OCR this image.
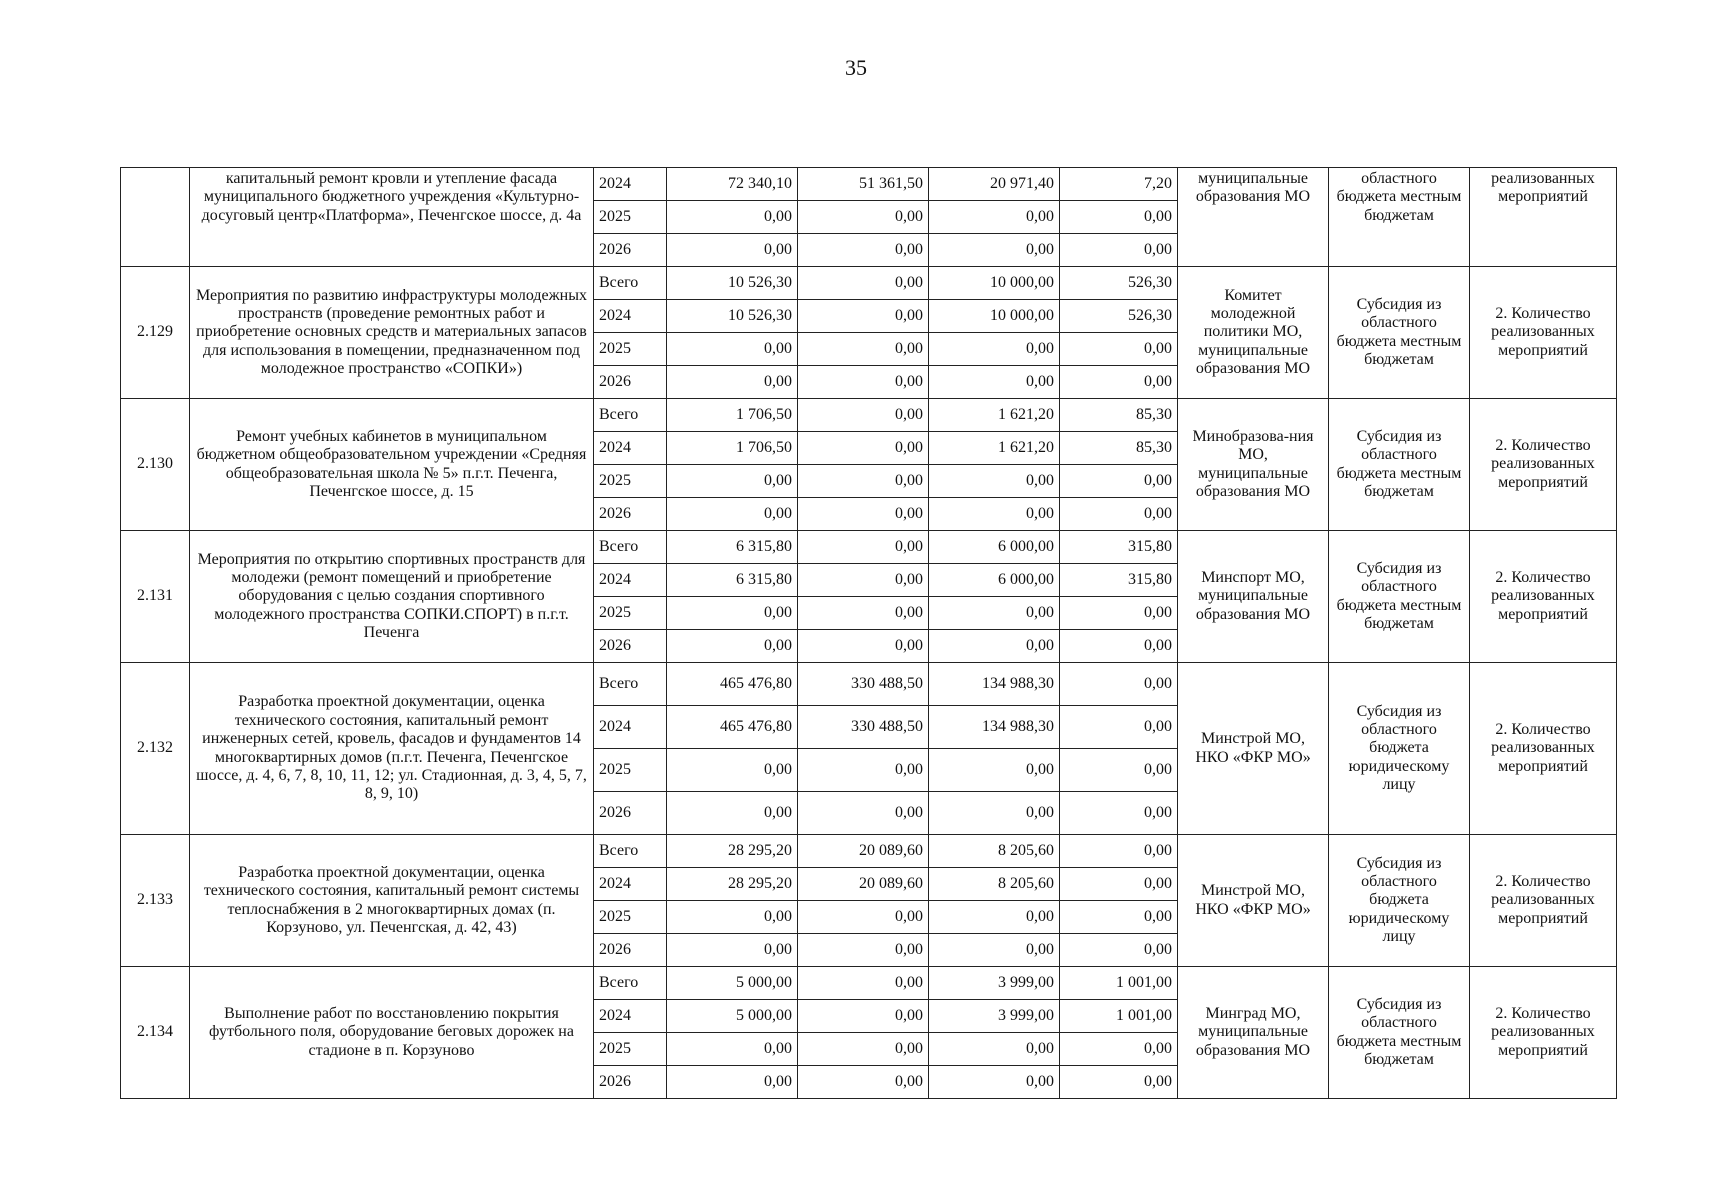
35
	капитальный ремонт кровли и утепление фасада муниципального бюджетного учреждения «Культурно-досуговый центр«Платформа», Печенгское шоссе, д. 4а	2024	72 340,10	51 361,50	20 971,40	7,20	муниципальные образования МО	областного бюджета местным бюджетам	реализованных мероприятий
		2025	0,00	0,00	0,00	0,00			
		2026	0,00	0,00	0,00	0,00			
2.129	Мероприятия по развитию инфраструктуры молодежных пространств (проведение ремонтных работ и приобретение основных средств и материальных запасов для использования в помещении, предназначенном под молодежное пространство «СОПКИ»)	Всего	10 526,30	0,00	10 000,00	526,30	Комитет молодежной политики МО, муниципальные образования МО	Субсидия из областного бюджета местным бюджетам	2. Количество реализованных мероприятий
		2024	10 526,30	0,00	10 000,00	526,30			
		2025	0,00	0,00	0,00	0,00			
		2026	0,00	0,00	0,00	0,00			
2.130	Ремонт учебных кабинетов в муниципальном бюджетном общеобразовательном учреждении «Средняя общеобразовательная школа № 5» п.г.т. Печенга, Печенгское шоссе, д. 15	Всего	1 706,50	0,00	1 621,20	85,30	Минобразова-ния МО, муниципальные образования МО	Субсидия из областного бюджета местным бюджетам	2. Количество реализованных мероприятий
		2024	1 706,50	0,00	1 621,20	85,30			
		2025	0,00	0,00	0,00	0,00			
		2026	0,00	0,00	0,00	0,00			
2.131	Мероприятия по открытию спортивных пространств для молодежи (ремонт помещений и приобретение оборудования с целью создания спортивного молодежного пространства СОПКИ.СПОРТ) в п.г.т. Печенга	Всего	6 315,80	0,00	6 000,00	315,80	Минспорт МО, муниципальные образования МО	Субсидия из областного бюджета местным бюджетам	2. Количество реализованных мероприятий
		2024	6 315,80	0,00	6 000,00	315,80			
		2025	0,00	0,00	0,00	0,00			
		2026	0,00	0,00	0,00	0,00			
2.132	Разработка проектной документации, оценка технического состояния, капитальный ремонт инженерных сетей, кровель, фасадов и фундаментов 14 многоквартирных домов (п.г.т. Печенга, Печенгское шоссе, д. 4, 6, 7, 8, 10, 11, 12; ул. Стадионная, д. 3, 4, 5, 7, 8, 9, 10)	Всего	465 476,80	330 488,50	134 988,30	0,00	Минстрой МО, НКО «ФКР МО»	Субсидия из областного бюджета юридическому лицу	2. Количество реализованных мероприятий
		2024	465 476,80	330 488,50	134 988,30	0,00			
		2025	0,00	0,00	0,00	0,00			
		2026	0,00	0,00	0,00	0,00			
2.133	Разработка проектной документации, оценка технического состояния, капитальный ремонт системы теплоснабжения в 2 многоквартирных домах (п. Корзуново, ул. Печенгская, д. 42, 43)	Всего	28 295,20	20 089,60	8 205,60	0,00	Минстрой МО, НКО «ФКР МО»	Субсидия из областного бюджета юридическому лицу	2. Количество реализованных мероприятий
		2024	28 295,20	20 089,60	8 205,60	0,00			
		2025	0,00	0,00	0,00	0,00			
		2026	0,00	0,00	0,00	0,00			
2.134	Выполнение работ по восстановлению покрытия футбольного поля, оборудование беговых дорожек на стадионе в п. Корзуново	Всего	5 000,00	0,00	3 999,00	1 001,00	Минград МО, муниципальные образования МО	Субсидия из областного бюджета местным бюджетам	2. Количество реализованных мероприятий
		2024	5 000,00	0,00	3 999,00	1 001,00			
		2025	0,00	0,00	0,00	0,00			
		2026	0,00	0,00	0,00	0,00			
